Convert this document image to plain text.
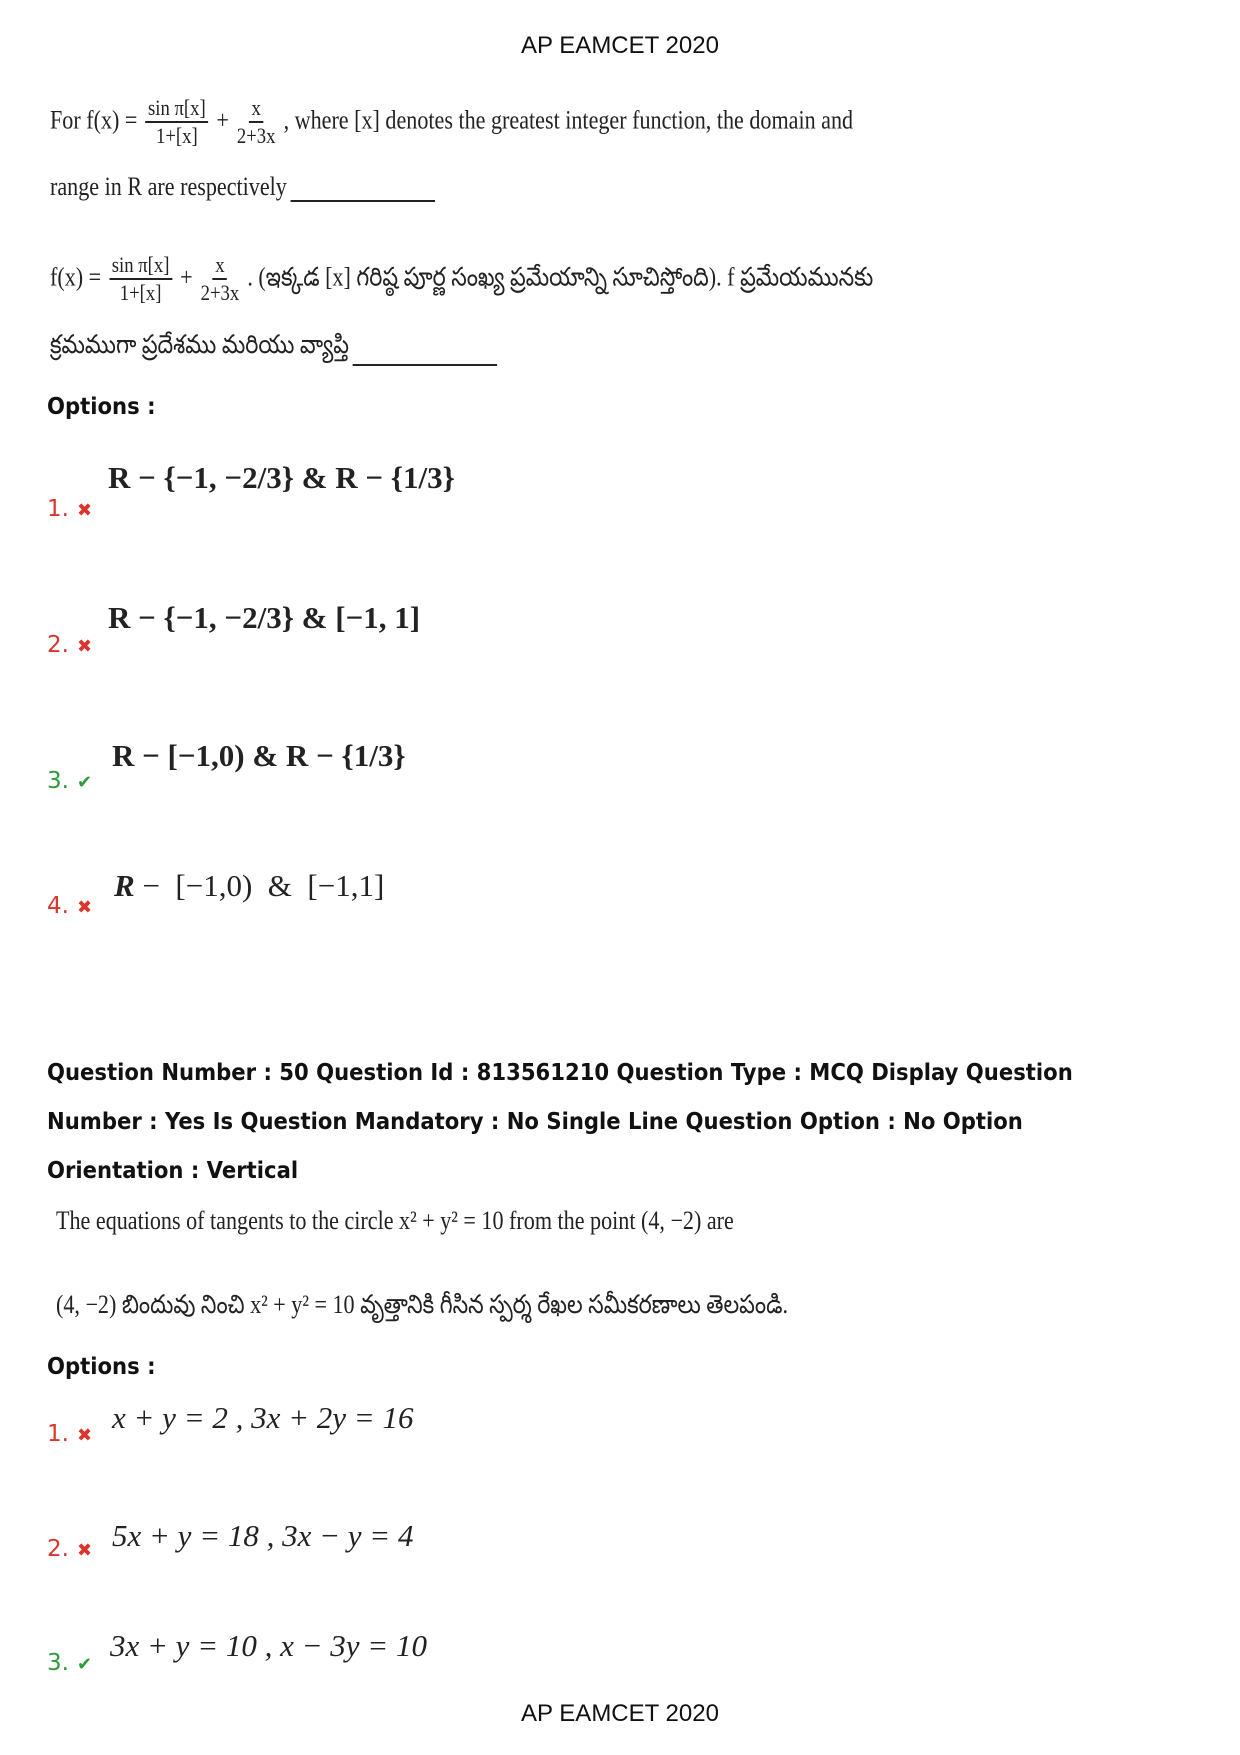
AP EAMCET 2020
For $f(x) = \frac{\text{sin π[x]}}{1+[x]} + \frac{x}{2+3x}$ , where [x] denotes the greatest integer function, the domain and
range in R are respectively
$f(x) = \frac{\text{sin π[x]}}{1+[x]} + \frac{x}{2+3x}$ . (ఇక్కడ [x] గరిష్ఠ పూర్ణ సంఖ్య ప్రమేయాన్ని సూచిస్తోంది). f ప్రమేయమునకు
క్రమముగా ప్రదేశము మరియు వ్యాప్తి
Options :
1. ✖
R − {−1, −2/3} & R − {1/3}
2. ✖
R − {−1, −2/3} & [−1, 1]
3. ✔
R − [−1,0) & R − {1/3}
4. ✖
R −  [−1,0)  &  [−1,1]
Question Number : 50 Question Id : 813561210 Question Type : MCQ Display Question
Number : Yes Is Question Mandatory : No Single Line Question Option : No Option
Orientation : Vertical
The equations of tangents to the circle x² + y² = 10 from the point (4, −2) are
(4, −2) బిందువు నించి x² + y² = 10 వృత్తానికి గీసిన స్పర్శ రేఖల సమీకరణాలు తెలపండి.
Options :
1. ✖ x + y = 2 , 3x + 2y = 16
2. ✖ 5x + y = 18 , 3x − y = 4
3. ✔
3x + y = 10 , x − 3y = 10
AP EAMCET 2020
